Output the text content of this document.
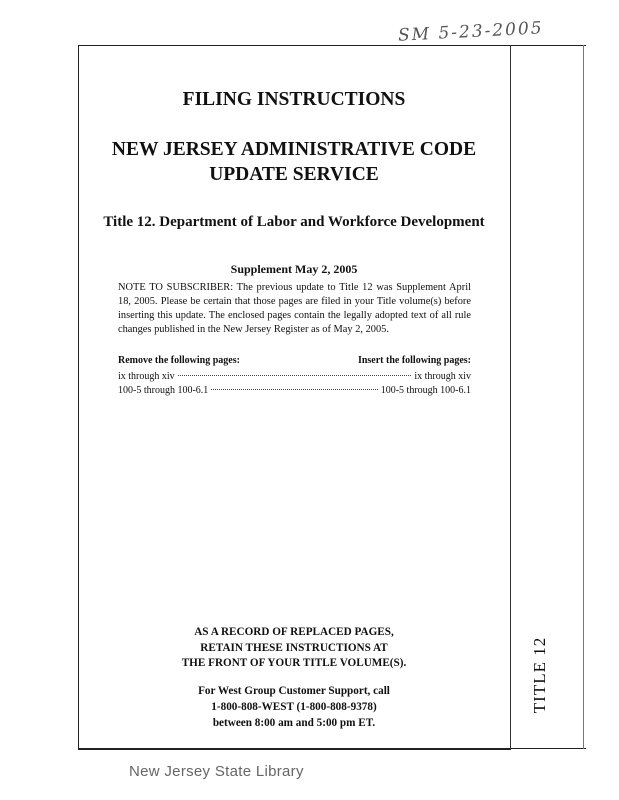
SM 5-23-2005
TITLE 12
FILING INSTRUCTIONS
NEW JERSEY ADMINISTRATIVE CODE
UPDATE SERVICE
Title 12. Department of Labor and Workforce Development
Supplement May 2, 2005

NOTE TO SUBSCRIBER: The previous update to Title 12 was Supplement April 18, 2005. Please be certain that those pages are filed in your Title volume(s) before inserting this update. The enclosed pages contain the legally adopted text of all rule changes published in the New Jersey Register as of May 2, 2005.

Remove the following pages:	Insert the following pages:
ix through xiv	ix through xiv
100-5 through 100-6.1	100-5 through 100-6.1
AS A RECORD OF REPLACED PAGES,
RETAIN THESE INSTRUCTIONS AT
THE FRONT OF YOUR TITLE VOLUME(S).
For West Group Customer Support, call
1-800-808-WEST (1-800-808-9378)
between 8:00 am and 5:00 pm ET.
New Jersey State Library
